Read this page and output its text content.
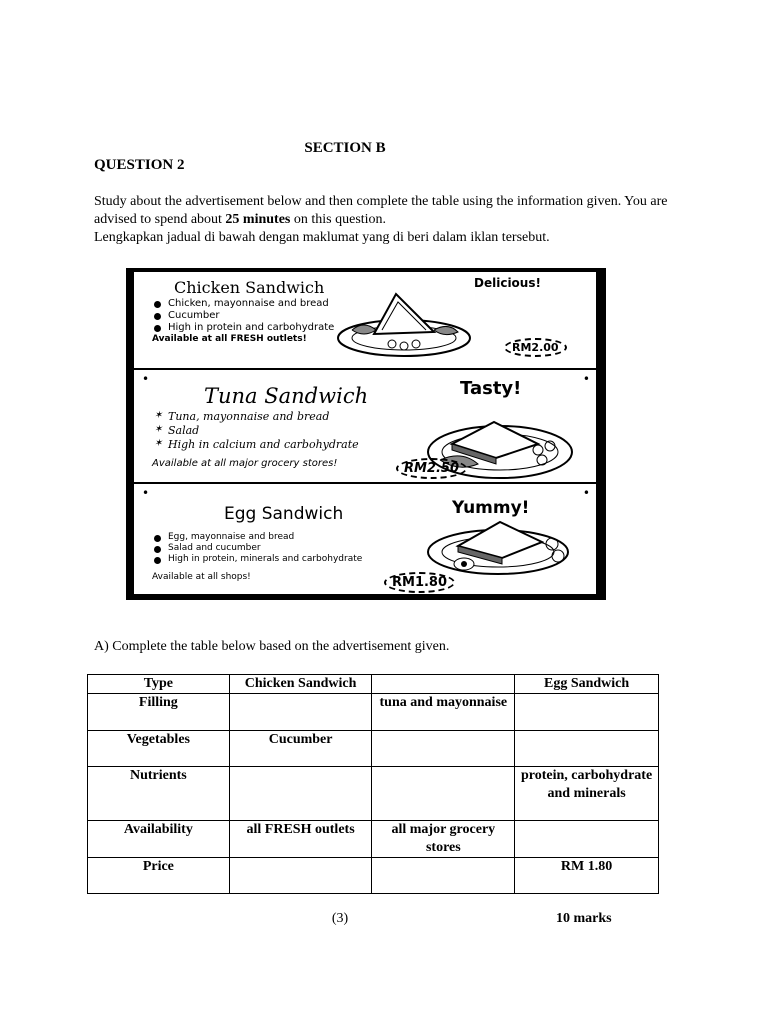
SECTION B
QUESTION 2
Study about the advertisement below and then complete the table using the information given. You are advised to spend about 25 minutes on this question.
Lengkapkan jadual di bawah dengan maklumat yang di beri dalam iklan tersebut.
Chicken Sandwich
Chicken, mayonnaise and bread
Cucumber
High in protein and carbohydrate
Available at all FRESH outlets!
Delicious!
RM2.00
•	•
Tuna Sandwich
✶ Tuna, mayonnaise and bread
✶ Salad
✶ High in calcium and carbohydrate
Available at all major grocery stores!
Tasty!
RM2.50
•	•
Egg Sandwich
Egg, mayonnaise and bread
Salad and cucumber
High in protein, minerals and carbohydrate
Available at all shops!
Yummy!
RM1.80
A) Complete the table below based on the advertisement given.
Type	Chicken Sandwich		Egg Sandwich
Filling		tuna and mayonnaise	
Vegetables	Cucumber		
Nutrients			protein, carbohydrate and minerals
Availability	all FRESH outlets	all major grocery stores	
Price			RM 1.80
(3)	10 marks
